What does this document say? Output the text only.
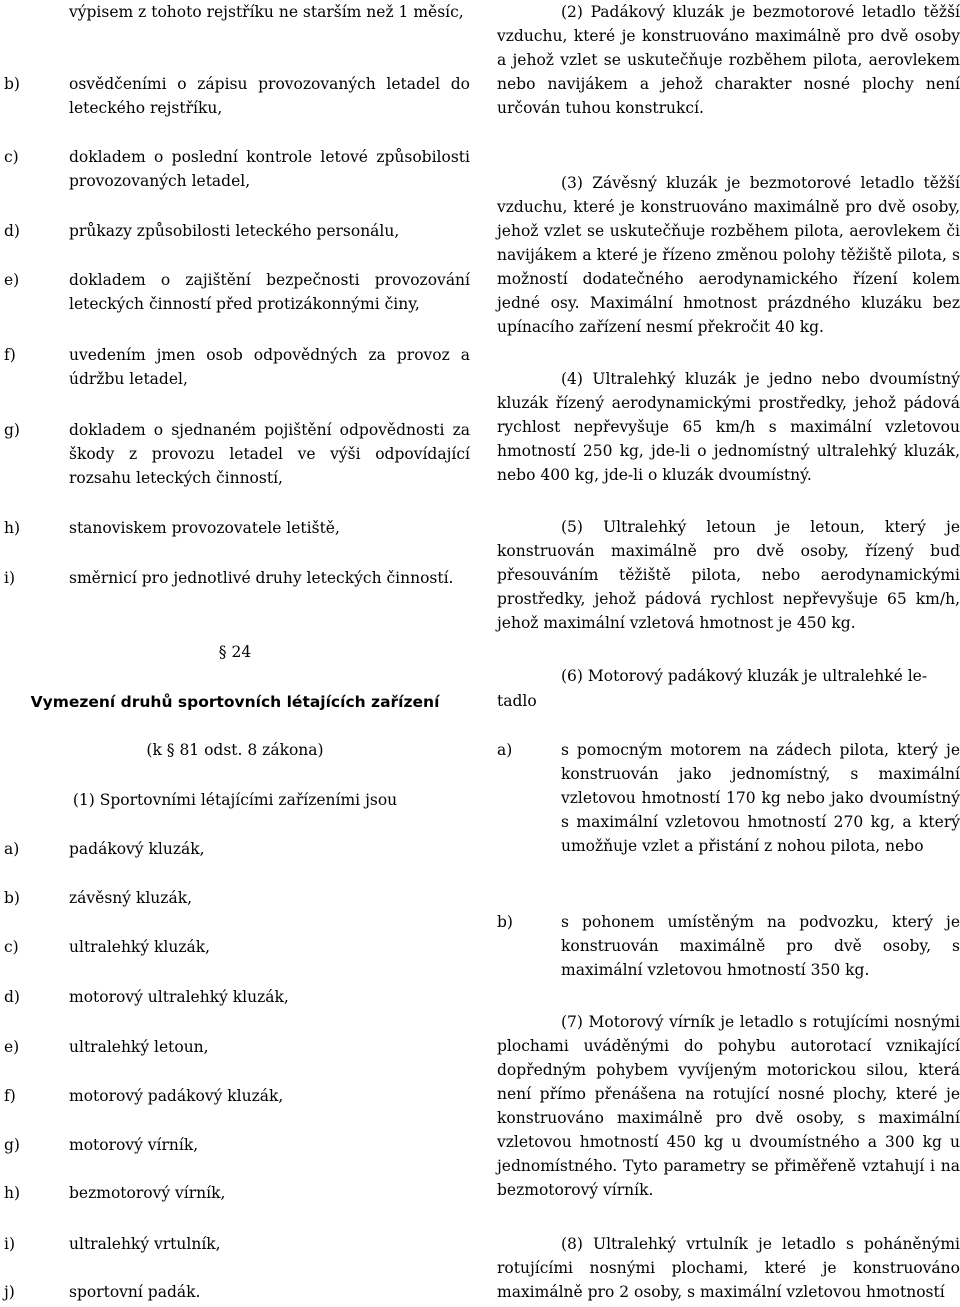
výpisem z tohoto rejstříku ne starším než 1 měsíc,
b)	osvědčeními o zápisu provozovaných letadel do leteckého rejstříku,
c)	dokladem o poslední kontrole letové způsobilosti provozovaných letadel,
d)	průkazy způsobilosti leteckého personálu,
e)	dokladem o zajištění bezpečnosti provozování leteckých činností před protizákonnými činy,
f)	uvedením jmen osob odpovědných za provoz a údržbu letadel,
g)	dokladem o sjednaném pojištění odpovědnosti za škody z provozu letadel ve výši odpovídající rozsahu leteckých činností,
h)	stanoviskem provozovatele letiště,
i)	směrnicí pro jednotlivé druhy leteckých činností.
§ 24
Vymezení druhů sportovních létajících zařízení
(k § 81 odst. 8 zákona)
(1) Sportovními létajícími zařízeními jsou
a)	padákový kluzák,
b)	závěsný kluzák,
c)	ultralehký kluzák,
d)	motorový ultralehký kluzák,
e)	ultralehký letoun,
f)	motorový padákový kluzák,
g)	motorový vírník,
h)	bezmotorový vírník,
i)	ultralehký vrtulník,
j)	sportovní padák.
(2) Padákový kluzák je bezmotorové letadlo těžší vzduchu, které je konstruováno maximálně pro dvě osoby a jehož vzlet se uskutečňuje rozběhem pilota, aerovlekem nebo navijákem a jehož charakter nosné plochy není určován tuhou konstrukcí.
(3) Závěsný kluzák je bezmotorové letadlo těžší vzduchu, které je konstruováno maximálně pro dvě osoby, jehož vzlet se uskutečňuje rozběhem pilota, aerovlekem či navijákem a které je řízeno změnou polohy těžiště pilota, s možností dodatečného aerodynamického řízení kolem jedné osy. Maximální hmotnost prázdného kluzáku bez upínacího zařízení nesmí překročit 40 kg.
(4) Ultralehký kluzák je jedno nebo dvoumístný kluzák řízený aerodynamickými prostředky, jehož pádová rychlost nepřevyšuje 65 km/h s maximální vzletovou hmotností 250 kg, jde-li o jednomístný ultralehký kluzák, nebo 400 kg, jde-li o kluzák dvoumístný.
(5) Ultralehký letoun je letoun, který je konstruován maximálně pro dvě osoby, řízený buď přesouváním těžiště pilota, nebo aerodynamickými prostředky, jehož pádová rychlost nepřevyšuje 65 km/h, jehož maximální vzletová hmotnost je 450 kg.
(6) Motorový padákový kluzák je ultralehké le-
tadlo
a)	s pomocným motorem na zádech pilota, který je konstruován jako jednomístný, s maximální vzletovou hmotností 170 kg nebo jako dvoumístný s maximální vzletovou hmotností 270 kg, a který umožňuje vzlet a přistání z nohou pilota, nebo
b)	s pohonem umístěným na podvozku, který je konstruován maximálně pro dvě osoby, s maximální vzletovou hmotností 350 kg.
(7) Motorový vírník je letadlo s rotujícími nosnými plochami uváděnými do pohybu autorotací vznikající dopředným pohybem vyvíjeným motorickou silou, která není přímo přenášena na rotující nosné plochy, které je konstruováno maximálně pro dvě osoby, s maximální vzletovou hmotností 450 kg u dvoumístného a 300 kg u jednomístného. Tyto parametry se přiměřeně vztahují i na bezmotorový vírník.
(8) Ultralehký vrtulník je letadlo s poháněnými rotujícími nosnými plochami, které je konstruováno maximálně pro 2 osoby, s maximální vzletovou hmotností
